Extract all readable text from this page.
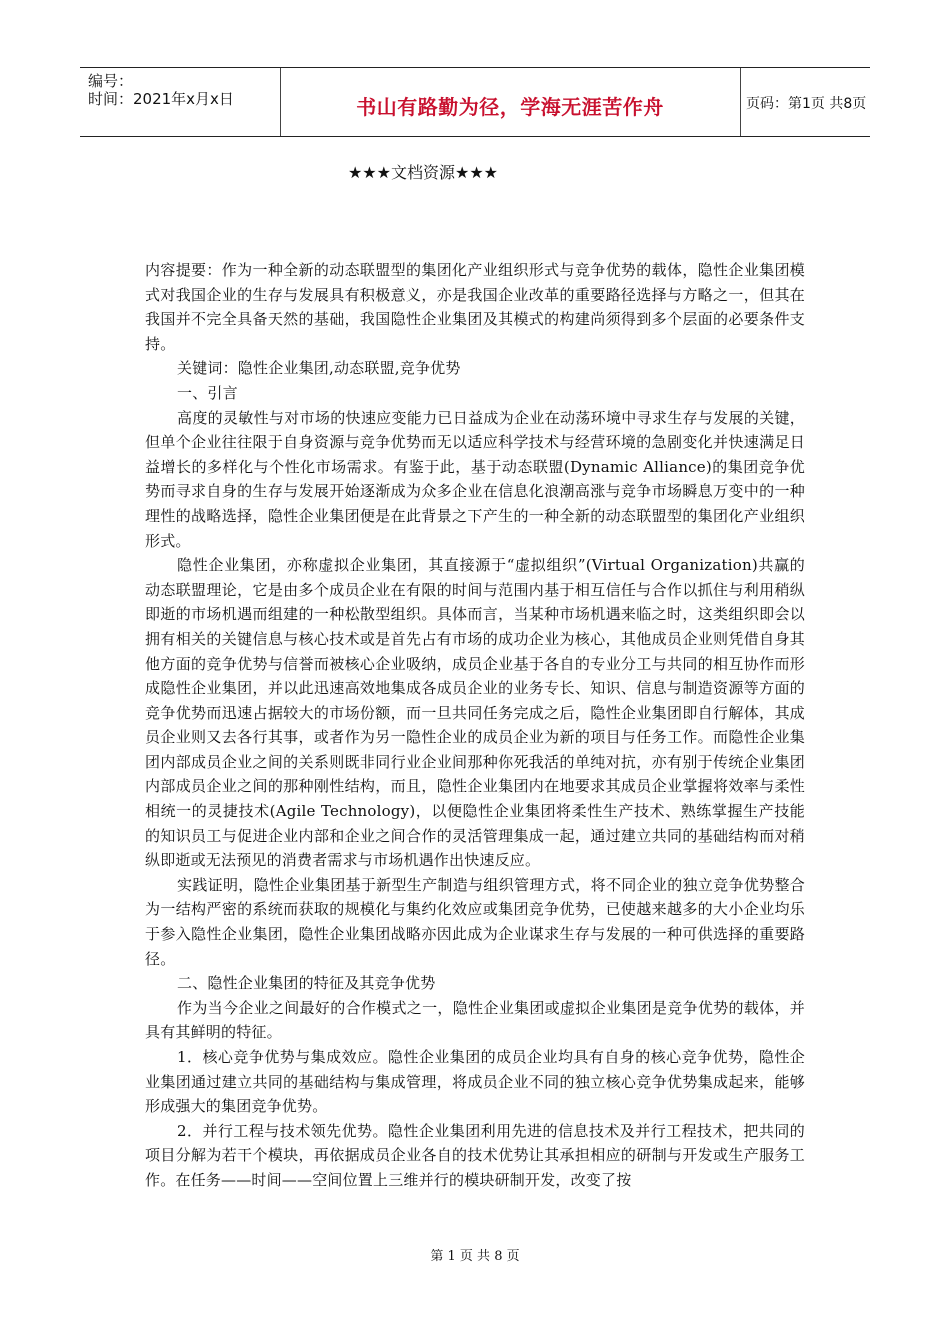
编号：
时间：2021年x月x日	书山有路勤为径，学海无涯苦作舟	页码：第1页 共8页
★★★文档资源★★★

内容提要：作为一种全新的动态联盟型的集团化产业组织形式与竞争优势的载体，隐性企业集团模式对我国企业的生存与发展具有积极意义，亦是我国企业改革的重要路径选择与方略之一，但其在我国并不完全具备天然的基础，我国隐性企业集团及其模式的构建尚须得到多个层面的必要条件支持。

关键词：隐性企业集团,动态联盟,竞争优势

一、引言

高度的灵敏性与对市场的快速应变能力已日益成为企业在动荡环境中寻求生存与发展的关键，但单个企业往往限于自身资源与竞争优势而无以适应科学技术与经营环境的急剧变化并快速满足日益增长的多样化与个性化市场需求。有鉴于此，基于动态联盟(Dynamic Alliance)的集团竞争优势而寻求自身的生存与发展开始逐渐成为众多企业在信息化浪潮高涨与竞争市场瞬息万变中的一种理性的战略选择，隐性企业集团便是在此背景之下产生的一种全新的动态联盟型的集团化产业组织形式。

隐性企业集团，亦称虚拟企业集团，其直接源于“虚拟组织”(Virtual Organization)共赢的动态联盟理论，它是由多个成员企业在有限的时间与范围内基于相互信任与合作以抓住与利用稍纵即逝的市场机遇而组建的一种松散型组织。具体而言，当某种市场机遇来临之时，这类组织即会以拥有相关的关键信息与核心技术或是首先占有市场的成功企业为核心，其他成员企业则凭借自身其他方面的竞争优势与信誉而被核心企业吸纳，成员企业基于各自的专业分工与共同的相互协作而形成隐性企业集团，并以此迅速高效地集成各成员企业的业务专长、知识、信息与制造资源等方面的竞争优势而迅速占据较大的市场份额，而一旦共同任务完成之后，隐性企业集团即自行解体，其成员企业则又去各行其事，或者作为另一隐性企业的成员企业为新的项目与任务工作。而隐性企业集团内部成员企业之间的关系则既非同行业企业间那种你死我活的单纯对抗，亦有别于传统企业集团内部成员企业之间的那种刚性结构，而且，隐性企业集团内在地要求其成员企业掌握将效率与柔性相统一的灵捷技术(Agile Technology)，以便隐性企业集团将柔性生产技术、熟练掌握生产技能的知识员工与促进企业内部和企业之间合作的灵活管理集成一起，通过建立共同的基础结构而对稍纵即逝或无法预见的消费者需求与市场机遇作出快速反应。

实践证明，隐性企业集团基于新型生产制造与组织管理方式，将不同企业的独立竞争优势整合为一结构严密的系统而获取的规模化与集约化效应或集团竞争优势，已使越来越多的大小企业均乐于参入隐性企业集团，隐性企业集团战略亦因此成为企业谋求生存与发展的一种可供选择的重要路径。

二、隐性企业集团的特征及其竞争优势

作为当今企业之间最好的合作模式之一，隐性企业集团或虚拟企业集团是竞争优势的载体，并具有其鲜明的特征。

1．核心竞争优势与集成效应。隐性企业集团的成员企业均具有自身的核心竞争优势，隐性企业集团通过建立共同的基础结构与集成管理，将成员企业不同的独立核心竞争优势集成起来，能够形成强大的集团竞争优势。

2．并行工程与技术领先优势。隐性企业集团利用先进的信息技术及并行工程技术，把共同的项目分解为若干个模块，再依据成员企业各自的技术优势让其承担相应的研制与开发或生产服务工作。在任务——时间——空间位置上三维并行的模块研制开发，改变了按

第 1 页 共 8 页
